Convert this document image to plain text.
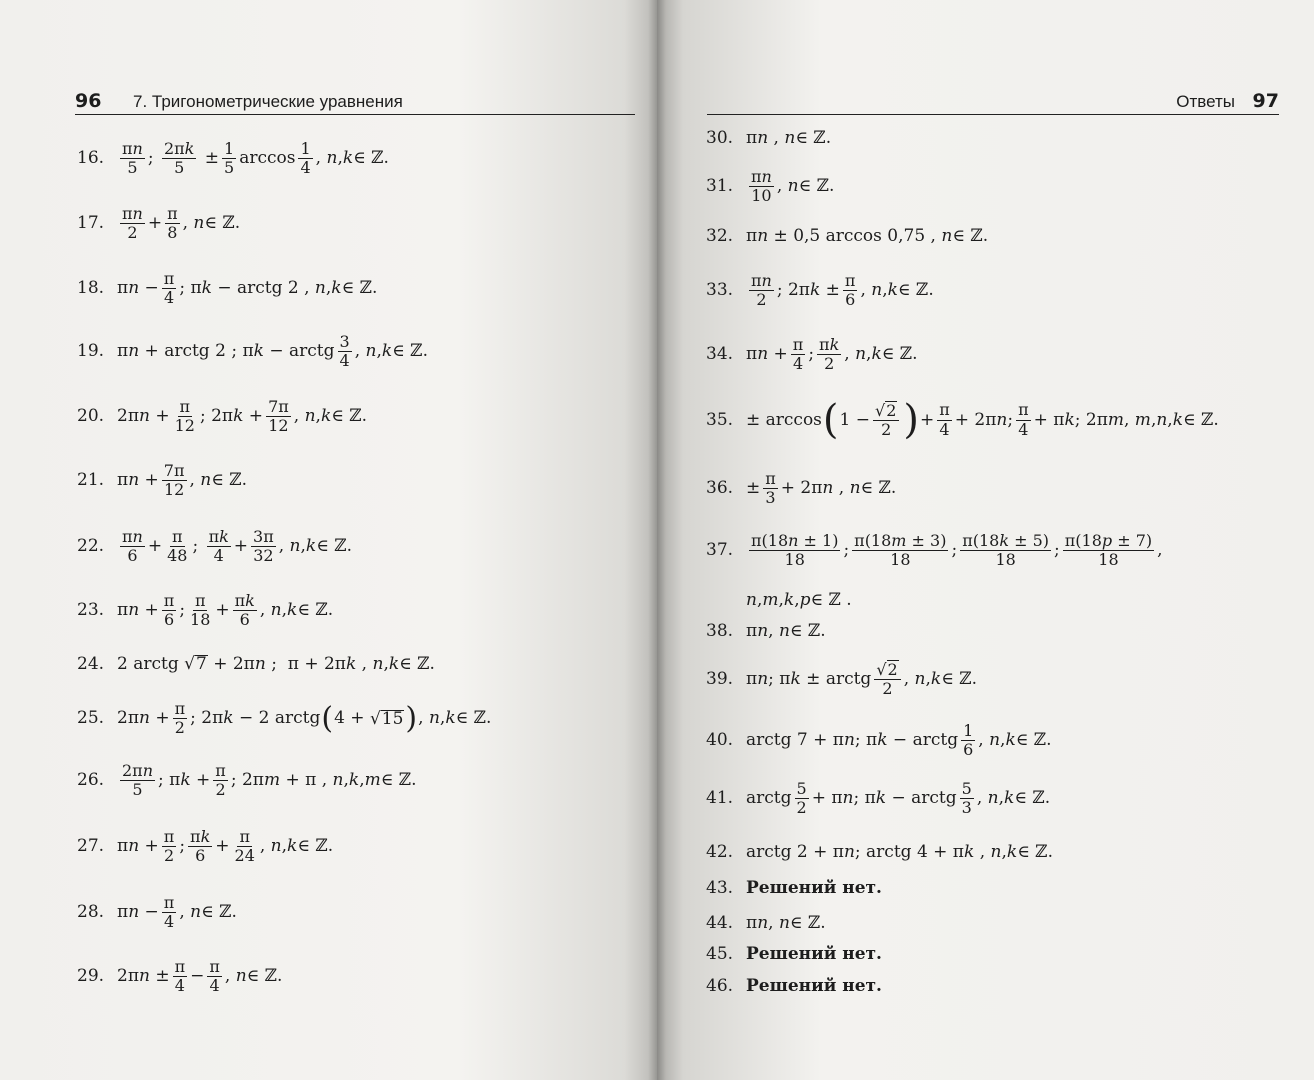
96 7. Тригонометрические уравнения
16. $\frac{\pi n}{5}$ ; $\frac{2\pi k}{5} \pm \frac{1}{5}$ $\arccos \frac{1}{4}$ , n , k ∈ ℤ.
17. $\frac{\pi n}{2} + \frac{\pi}{8}$ , n ∈ ℤ.
18. π $n - \frac{\pi}{4}$ ; π k − arctg 2 , n , k ∈ ℤ.
19. π n + arctg 2 ; π k − arctg $\frac{3}{4}$ , n , k ∈ ℤ.
20. 2π $n + \frac{\pi}{12}$ ; 2π $k + \frac{7\pi}{12}$ , n , k ∈ ℤ.
21. π $n + \frac{7\pi}{12}$ , n ∈ ℤ.
22. $\frac{\pi n}{6} + \frac{\pi}{48}$ ; $\frac{\pi k}{4} + \frac{3\pi}{32}$ , n , k ∈ ℤ.
23. π $n + \frac{\pi}{6}$ ; $\frac{\pi}{18} + \frac{\pi k}{6}$ , n , k ∈ ℤ.
24. 2 arctg √ 7 + 2π n ;  π + 2π k , n , k ∈ ℤ.
25. 2π $n + \frac{\pi}{2}$ ; 2π k − 2 arctg ( 4 + √ 15 ) , n , k ∈ ℤ.
26. $\frac{2\pi n}{5}$ ; π $k + \frac{\pi}{2}$ ; 2π m + π , n , k , m ∈ ℤ.
27. π $n + \frac{\pi}{2}$ ; $\frac{\pi k}{6} + \frac{\pi}{24}$ , n , k ∈ ℤ.
28. π $n - \frac{\pi}{4}$ , n ∈ ℤ.
29. 2π $n \pm \frac{\pi}{4} - \frac{\pi}{4}$ , n ∈ ℤ.
Ответы 97
30. π n , n ∈ ℤ.
31. $\frac{\pi n}{10}$ , n ∈ ℤ.
32. π n ± 0,5 arccos 0,75 , n ∈ ℤ.
33. $\frac{\pi n}{2}$ ; 2π $k \pm \frac{\pi}{6}$ , n , k ∈ ℤ.
34. π $n + \frac{\pi}{4}$ ; $\frac{\pi k}{2}$ , n , k ∈ ℤ.
35. ± arccos ( $1 - \frac{√ 2}{2}$ ) + $\frac{\pi}{4} + 2\pi$ n ; $\frac{\pi}{4} + \pi$ k ; 2π m , m , n , k ∈ ℤ.
36. ± $\frac{\pi}{3} + 2\pi$ n , n ∈ ℤ.
37. $\frac{\pi(18n \pm 1)}{18}$ ; $\frac{\pi(18m \pm 3)}{18}$ ; $\frac{\pi(18k \pm 5)}{18}$ ; $\frac{\pi(18p \pm 7)}{18}$ ,
n , m , k , p ∈ ℤ .
38. π n , n ∈ ℤ.
39. π n ; π k ± arctg $\frac{√ 2}{2}$ , n , k ∈ ℤ.
40. arctg 7 + π n ; π k − arctg $\frac{1}{6}$ , n , k ∈ ℤ.
41. arctg $\frac{5}{2} + \pi$ n ; π k − arctg $\frac{5}{3}$ , n , k ∈ ℤ.
42. arctg 2 + π n ; arctg 4 + π k , n , k ∈ ℤ.
43. Решений нет.
44. π n , n ∈ ℤ.
45. Решений нет.
46. Решений нет.
